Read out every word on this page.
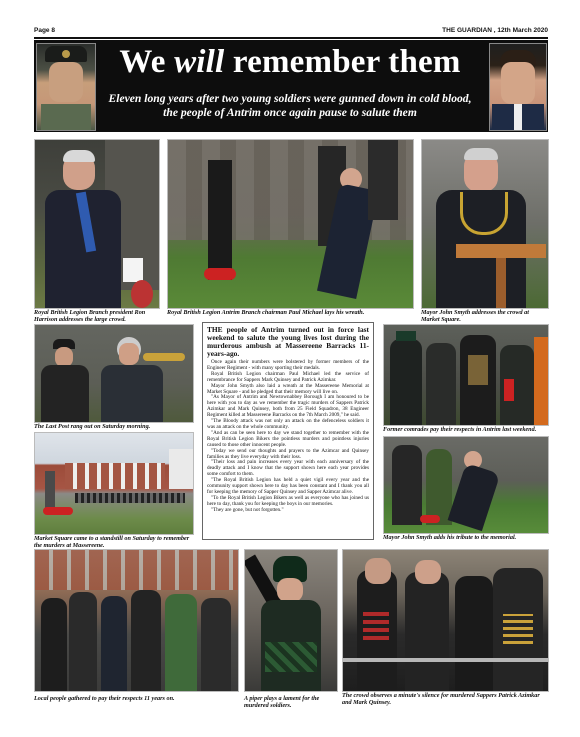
Page 8	THE GUARDIAN , 12th March 2020
We will remember them
Eleven long years after two young soldiers were gunned down in cold blood, the people of Antrim once again pause to salute them
Royal British Legion Branch president Ron Harrison addresses the large crowd.
Royal British Legion Antrim Branch chairman Paul Michael lays his wreath.	Mayor John Smyth addresses the crowd at Market Square.
The Last Post rang out on Saturday morning.
Market Square came to a standstill on Saturday to remember the murders at Massereene.

THE people of Antrim turned out in force last weekend to salute the young lives lost during the murderous ambush at Massereene Barracks 11-years-ago.

Once again their numbers were bolstered by former members of the Engineer Regiment - with many sporting their medals.

Royal British Legion chairman Paul Michael led the service of remembrance for Sappers Mark Quinsey and Patrick Azimkar.

Mayor John Smyth also laid a wreath at the Massereene Memorial at Market Square - and he pledged that their memory will live on.

"As Mayor of Antrim and Newtownabbey Borough I am honoured to be here with you to day as we remember the tragic murders of Sappers Patrick Azimkar and Mark Quinsey, both from 25 Field Squadron, 38 Engineer Regiment killed at Massereene Barracks on the 7th March 2009," he said.

"The Bloody attack was not only an attack on the defenceless soldiers it was an attack on the whole community.

"And as can be seen here to day we stand together to remember with the Royal British Legion Bikers the pointless murders and pointless injuries caused to those other innocent people.

"Today we send our thoughts and prayers to the Azimcar and Quinsey families as they live everyday with their loss.

"Their loss and pain increases every year with each anniversary of the deadly attack and I know that the support shown here each year provides some comfort to them.

"The Royal British Legion has held a quiet vigil every year and the community support shown here to day has been constant and I thank you all for keeping the memory of Sapper Quinsey and Sapper Azimcar alive.

"To the Royal British Legion Bikers as well as everyone who has joined us here to day, thank you for keeping the boys in our memories.

"They are gone, but not forgotten."

Former comrades pay their respects in Antrim last weekend.
Mayor John Smyth adds his tribute to the memorial.
Local people gathered to pay their respects 11 years on.	A piper plays a lament for the murdered soldiers.
The crowd observes a minute's silence for murdered Sappers Patrick Azimkar and Mark Quinsey.
